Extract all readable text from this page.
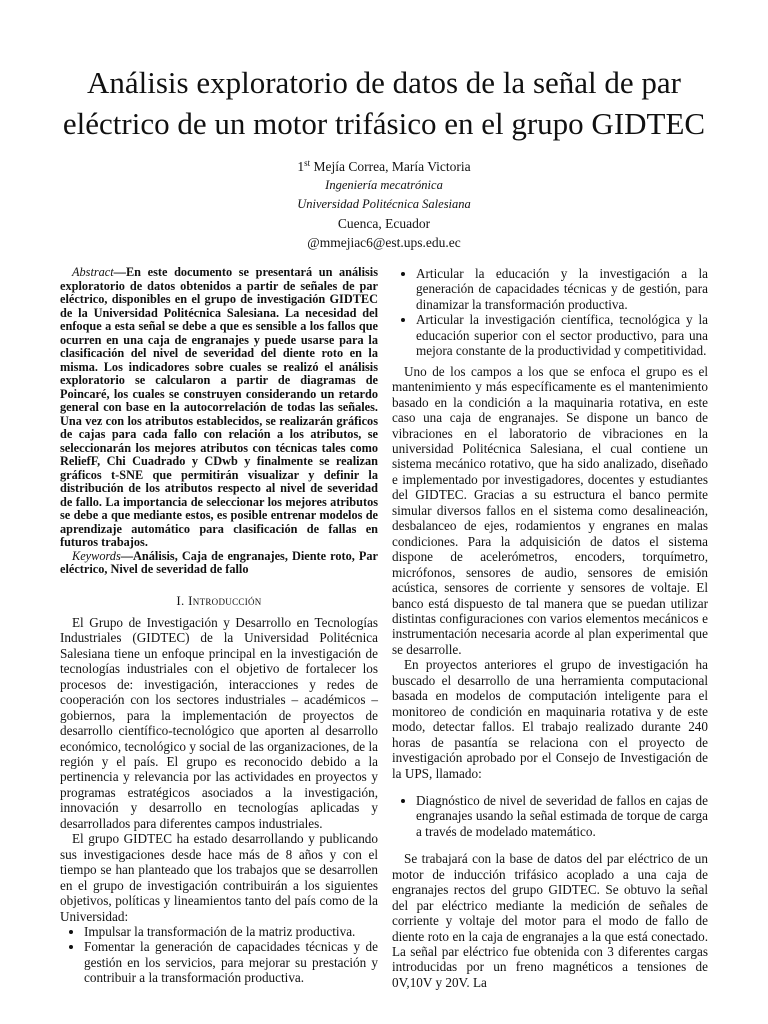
Análisis exploratorio de datos de la señal de par eléctrico de un motor trifásico en el grupo GIDTEC
1st Mejía Correa, María Victoria
Ingeniería mecatrónica
Universidad Politécnica Salesiana
Cuenca, Ecuador
@mmejiac6@est.ups.edu.ec

Abstract—En este documento se presentará un análisis exploratorio de datos obtenidos a partir de señales de par eléctrico, disponibles en el grupo de investigación GIDTEC de la Universidad Politécnica Salesiana. La necesidad del enfoque a esta señal se debe a que es sensible a los fallos que ocurren en una caja de engranajes y puede usarse para la clasificación del nivel de severidad del diente roto en la misma. Los indicadores sobre cuales se realizó el análisis exploratorio se calcularon a partir de diagramas de Poincaré, los cuales se construyen considerando un retardo general con base en la autocorrelación de todas las señales. Una vez con los atributos establecidos, se realizarán gráficos de cajas para cada fallo con relación a los atributos, se seleccionarán los mejores atributos con técnicas tales como ReliefF, Chi Cuadrado y CDwb y finalmente se realizan gráficos t-SNE que permitirán visualizar y definir la distribución de los atributos respecto al nivel de severidad de fallo. La importancia de seleccionar los mejores atributos se debe a que mediante estos, es posible entrenar modelos de aprendizaje automático para clasificación de fallas en futuros trabajos.

Keywords—Análisis, Caja de engranajes, Diente roto, Par eléctrico, Nivel de severidad de fallo

I. Introducción

El Grupo de Investigación y Desarrollo en Tecnologías Industriales (GIDTEC) de la Universidad Politécnica Salesiana tiene un enfoque principal en la investigación de tecnologías industriales con el objetivo de fortalecer los procesos de: investigación, interacciones y redes de cooperación con los sectores industriales – académicos – gobiernos, para la implementación de proyectos de desarrollo científico-tecnológico que aporten al desarrollo económico, tecnológico y social de las organizaciones, de la región y el país. El grupo es reconocido debido a la pertinencia y relevancia por las actividades en proyectos y programas estratégicos asociados a la investigación, innovación y desarrollo en tecnologías aplicadas y desarrollados para diferentes campos industriales.

El grupo GIDTEC ha estado desarrollando y publicando sus investigaciones desde hace más de 8 años y con el tiempo se han planteado que los trabajos que se desarrollen en el grupo de investigación contribuirán a los siguientes objetivos, políticas y lineamientos tanto del país como de la Universidad:

• Impulsar la transformación de la matriz productiva.
• Fomentar la generación de capacidades técnicas y de gestión en los servicios, para mejorar su prestación y contribuir a la transformación productiva.
• Articular la educación y la investigación a la generación de capacidades técnicas y de gestión, para dinamizar la transformación productiva.
• Articular la investigación científica, tecnológica y la educación superior con el sector productivo, para una mejora constante de la productividad y competitividad.

Uno de los campos a los que se enfoca el grupo es el mantenimiento y más específicamente es el mantenimiento basado en la condición a la maquinaria rotativa, en este caso una caja de engranajes. Se dispone un banco de vibraciones en el laboratorio de vibraciones en la universidad Politécnica Salesiana, el cual contiene un sistema mecánico rotativo, que ha sido analizado, diseñado e implementado por investigadores, docentes y estudiantes del GIDTEC. Gracias a su estructura el banco permite simular diversos fallos en el sistema como desalineación, desbalanceo de ejes, rodamientos y engranes en malas condiciones. Para la adquisición de datos el sistema dispone de acelerómetros, encoders, torquímetro, micrófonos, sensores de audio, sensores de emisión acústica, sensores de corriente y sensores de voltaje. El banco está dispuesto de tal manera que se puedan utilizar distintas configuraciones con varios elementos mecánicos e instrumentación necesaria acorde al plan experimental que se desarrolle.

En proyectos anteriores el grupo de investigación ha buscado el desarrollo de una herramienta computacional basada en modelos de computación inteligente para el monitoreo de condición en maquinaria rotativa y de este modo, detectar fallos. El trabajo realizado durante 240 horas de pasantía se relaciona con el proyecto de investigación aprobado por el Consejo de Investigación de la UPS, llamado:

• Diagnóstico de nivel de severidad de fallos en cajas de engranajes usando la señal estimada de torque de carga a través de modelado matemático.

Se trabajará con la base de datos del par eléctrico de un motor de inducción trifásico acoplado a una caja de engranajes rectos del grupo GIDTEC. Se obtuvo la señal del par eléctrico mediante la medición de señales de corriente y voltaje del motor para el modo de fallo de diente roto en la caja de engranajes a la que está conectado. La señal par eléctrico fue obtenida con 3 diferentes cargas introducidas por un freno magnéticos a tensiones de 0V,10V y 20V. La
